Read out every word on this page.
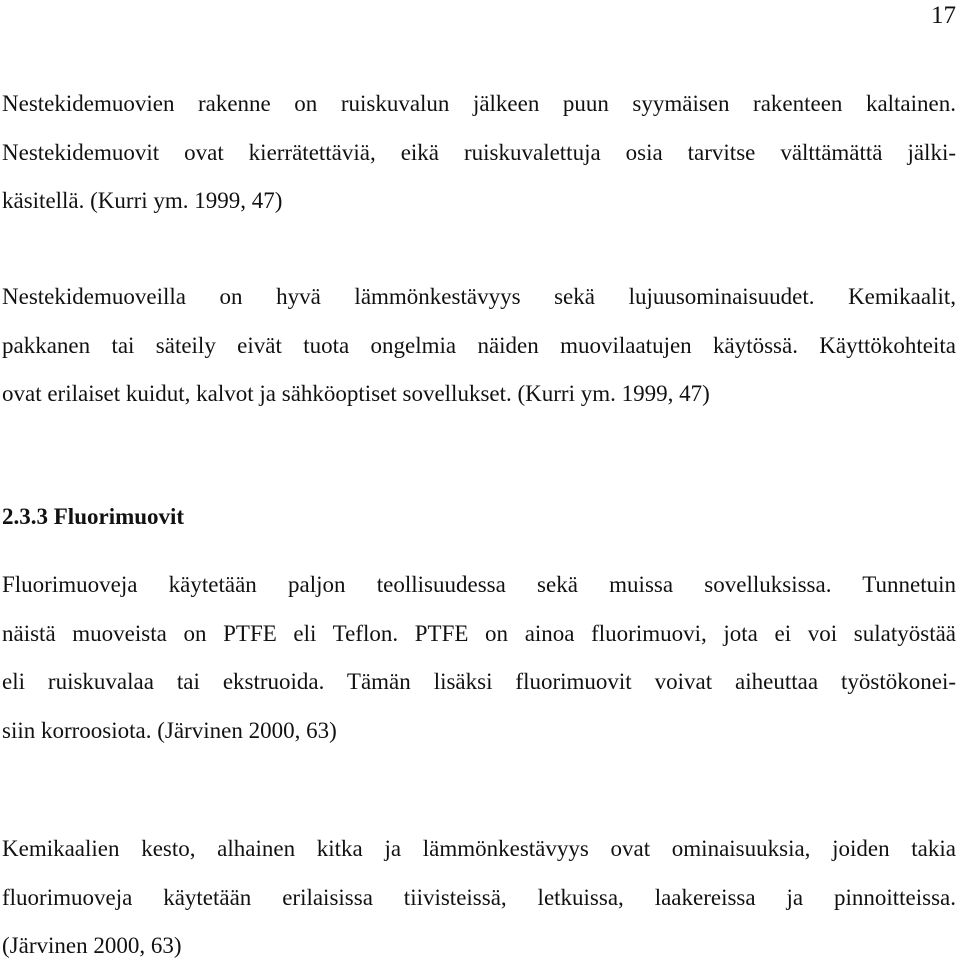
17
Nestekidemuovien rakenne on ruiskuvalun jälkeen puun syymäisen rakenteen kaltainen.
Nestekidemuovit ovat kierrätettäviä, eikä ruiskuvalettuja osia tarvitse välttämättä jälki-
käsitellä. (Kurri ym. 1999, 47)
Nestekidemuoveilla on hyvä lämmönkestävyys sekä lujuusominaisuudet. Kemikaalit,
pakkanen tai säteily eivät tuota ongelmia näiden muovilaatujen käytössä. Käyttökohteita
ovat erilaiset kuidut, kalvot ja sähköoptiset sovellukset. (Kurri ym. 1999, 47)
2.3.3 Fluorimuovit
Fluorimuoveja käytetään paljon teollisuudessa sekä muissa sovelluksissa. Tunnetuin
näistä muoveista on PTFE eli Teflon. PTFE on ainoa fluorimuovi, jota ei voi sulatyöstää
eli ruiskuvalaa tai ekstruoida. Tämän lisäksi fluorimuovit voivat aiheuttaa työstökonei-
siin korroosiota. (Järvinen 2000, 63)
Kemikaalien kesto, alhainen kitka ja lämmönkestävyys ovat ominaisuuksia, joiden takia
fluorimuoveja käytetään erilaisissa tiivisteissä, letkuissa, laakereissa ja pinnoitteissa.
(Järvinen 2000, 63)
